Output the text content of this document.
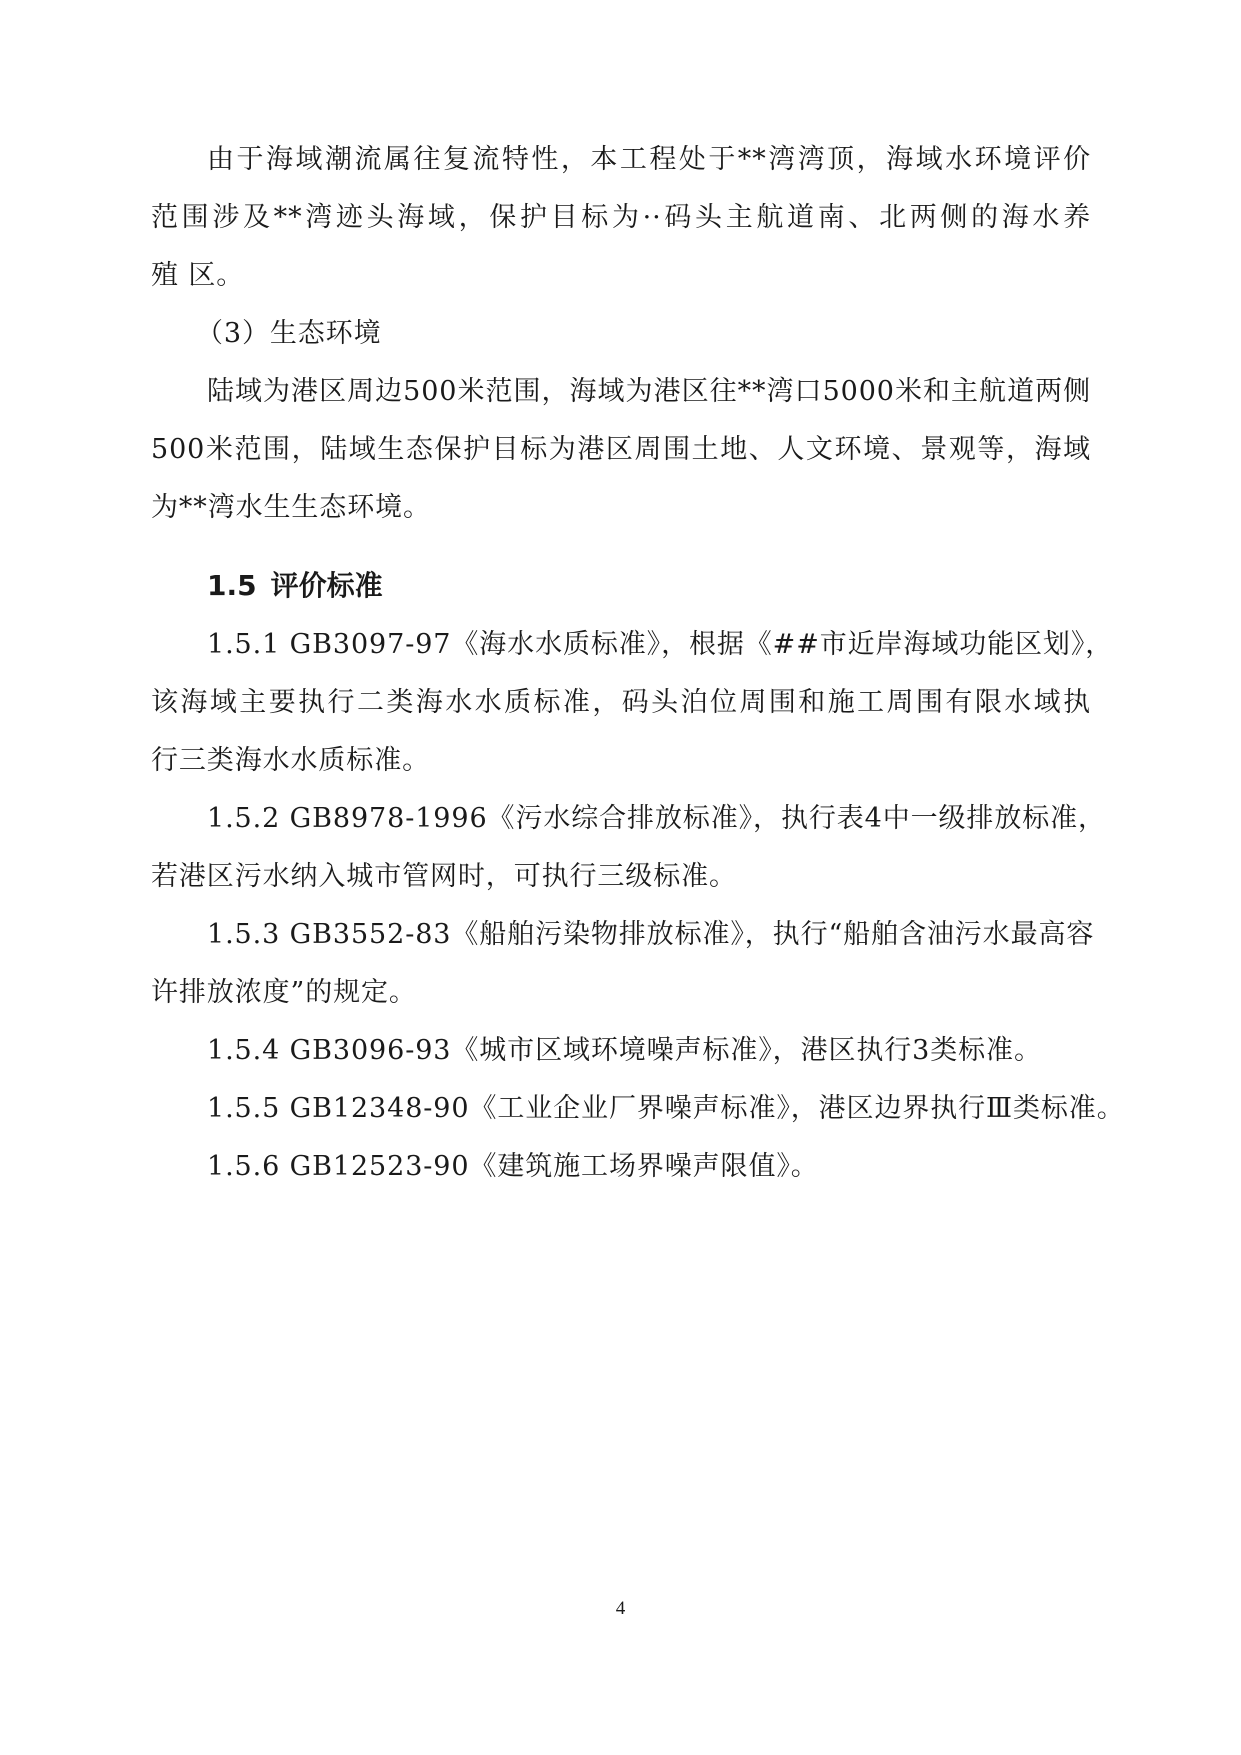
由于海域潮流属往复流特性，本工程处于**湾湾顶，海域水环境评价
范围涉及**湾迹头海域，保护目标为··码头主航道南、北两侧的海水养
殖 区。
（3）生态环境
陆域为港区周边500米范围，海域为港区往**湾口5000米和主航道两侧
500米范围，陆域生态保护目标为港区周围土地、人文环境、景观等，海域
为**湾水生生态环境。
1.5 评价标准
1.5.1 GB3097-97《海水水质标准》，根据《##市近岸海域功能区划》，
该海域主要执行二类海水水质标准，码头泊位周围和施工周围有限水域执
行三类海水水质标准。
1.5.2 GB8978-1996《污水综合排放标准》，执行表4中一级排放标准，
若港区污水纳入城市管网时，可执行三级标准。
1.5.3 GB3552-83《船舶污染物排放标准》，执行“船舶含油污水最高容
许排放浓度”的规定。
1.5.4 GB3096-93《城市区域环境噪声标准》，港区执行3类标准。
1.5.5 GB12348-90《工业企业厂界噪声标准》，港区边界执行Ⅲ类标准。
1.5.6 GB12523-90《建筑施工场界噪声限值》。
4
